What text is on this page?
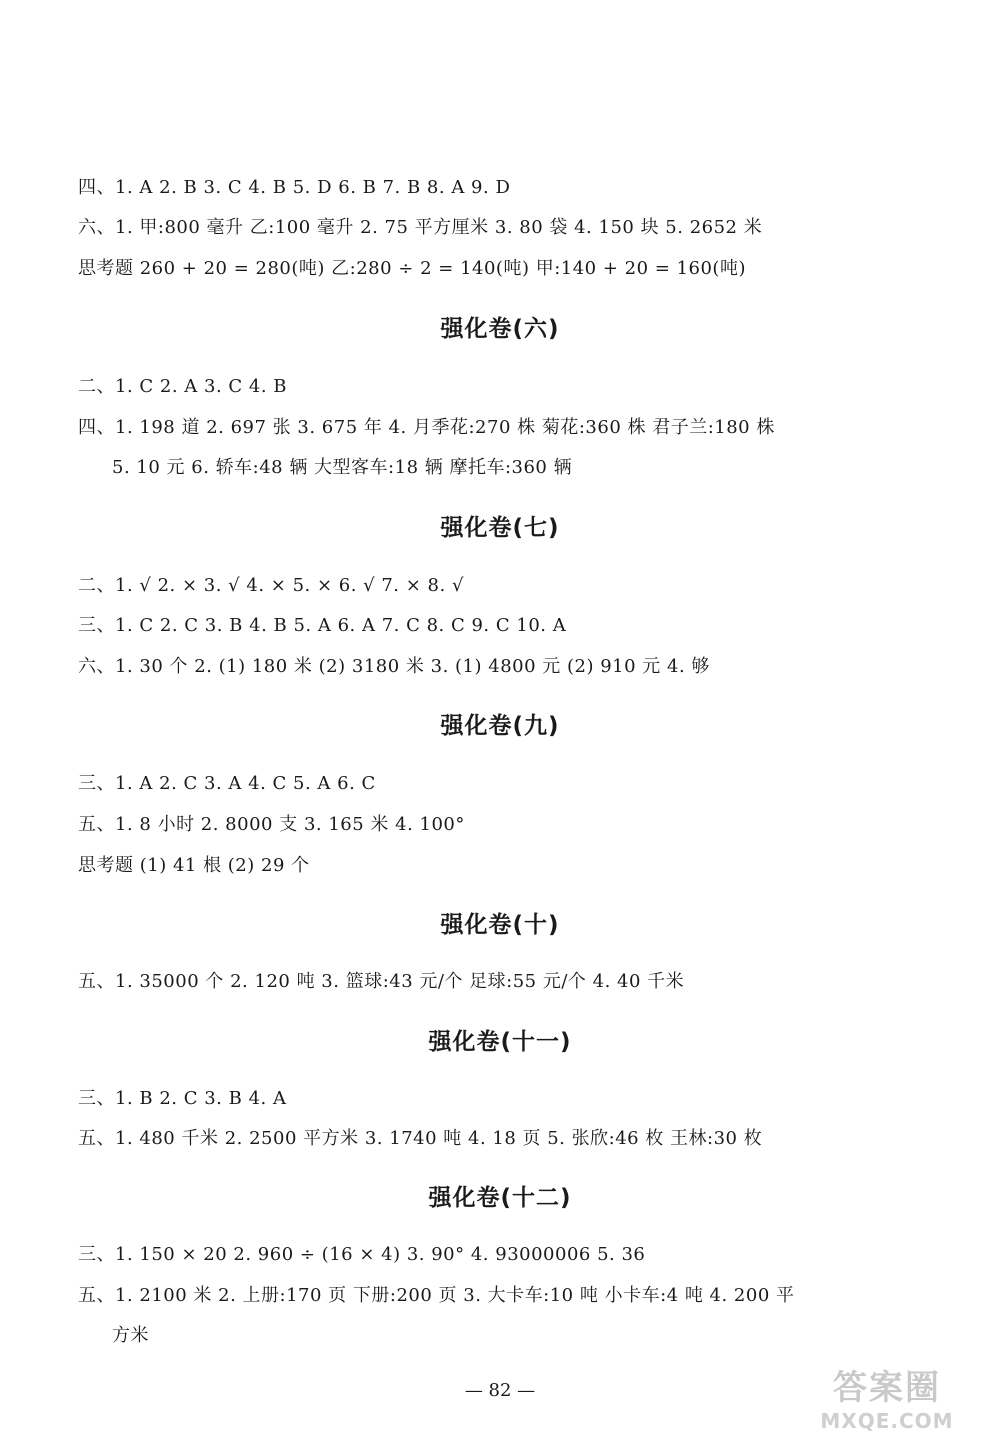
四、1. A 2. B 3. C 4. B 5. D 6. B 7. B 8. A 9. D
六、1. 甲:800 毫升 乙:100 毫升 2. 75 平方厘米 3. 80 袋 4. 150 块 5. 2652 米
思考题 260 + 20 = 280(吨) 乙:280 ÷ 2 = 140(吨) 甲:140 + 20 = 160(吨)
强化卷(六)
二、1. C 2. A 3. C 4. B
四、1. 198 道 2. 697 张 3. 675 年 4. 月季花:270 株 菊花:360 株 君子兰:180 株
5. 10 元 6. 轿车:48 辆 大型客车:18 辆 摩托车:360 辆
强化卷(七)
二、1. √ 2. × 3. √ 4. × 5. × 6. √ 7. × 8. √
三、1. C 2. C 3. B 4. B 5. A 6. A 7. C 8. C 9. C 10. A
六、1. 30 个 2. (1) 180 米 (2) 3180 米 3. (1) 4800 元 (2) 910 元 4. 够
强化卷(九)
三、1. A 2. C 3. A 4. C 5. A 6. C
五、1. 8 小时 2. 8000 支 3. 165 米 4. 100°
思考题 (1) 41 根 (2) 29 个
强化卷(十)
五、1. 35000 个 2. 120 吨 3. 篮球:43 元/个 足球:55 元/个 4. 40 千米
强化卷(十一)
三、1. B 2. C 3. B 4. A
五、1. 480 千米 2. 2500 平方米 3. 1740 吨 4. 18 页 5. 张欣:46 枚 王林:30 枚
强化卷(十二)
三、1. 150 × 20 2. 960 ÷ (16 × 4) 3. 90° 4. 93000006 5. 36
五、1. 2100 米 2. 上册:170 页 下册:200 页 3. 大卡车:10 吨 小卡车:4 吨 4. 200 平
方米
— 82 —	答案圈
MXQE.COM
